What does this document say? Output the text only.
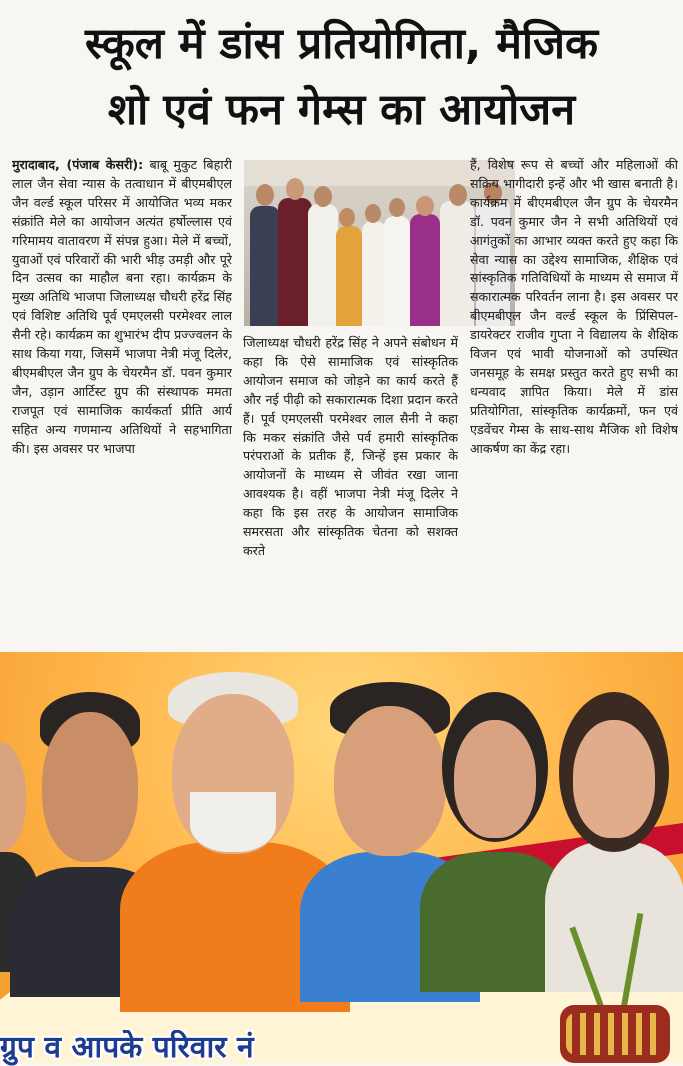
स्कूल में डांस प्रतियोगिता, मैजिक
शो एवं फन गेम्स का आयोजन

मुरादाबाद, (पंजाब केसरी): बाबू मुकुट बिहारी लाल जैन सेवा न्यास के तत्वाधान में बीएमबीएल जैन वर्ल्ड स्कूल परिसर में आयोजित भव्य मकर संक्रांति मेले का आयोजन अत्यंत हर्षोल्लास एवं गरिमामय वातावरण में संपन्न हुआ। मेले में बच्चों, युवाओं एवं परिवारों की भारी भीड़ उमड़ी और पूरे दिन उत्सव का माहौल बना रहा। कार्यक्रम के मुख्य अतिथि भाजपा जिलाध्यक्ष चौधरी हरेंद्र सिंह एवं विशिष्ट अतिथि पूर्व एमएलसी परमेश्वर लाल सैनी रहे। कार्यक्रम का शुभारंभ दीप प्रज्ज्वलन के साथ किया गया, जिसमें भाजपा नेत्री मंजू दिलेर, बीएमबीएल जैन ग्रुप के चेयरमैन डॉ. पवन कुमार जैन, उड़ान आर्टिस्ट ग्रुप की संस्थापक ममता राजपूत एवं सामाजिक कार्यकर्ता प्रीति आर्य सहित अन्य गणमान्य अतिथियों ने सहभागिता की। इस अवसर पर भाजपा

जिलाध्यक्ष चौधरी हरेंद्र सिंह ने अपने संबोधन में कहा कि ऐसे सामाजिक एवं सांस्कृतिक आयोजन समाज को जोड़ने का कार्य करते हैं और नई पीढ़ी को सकारात्मक दिशा प्रदान करते हैं। पूर्व एमएलसी परमेश्वर लाल सैनी ने कहा कि मकर संक्रांति जैसे पर्व हमारी सांस्कृतिक परंपराओं के प्रतीक हैं, जिन्हें इस प्रकार के आयोजनों के माध्यम से जीवंत रखा जाना आवश्यक है। वहीं भाजपा नेत्री मंजू दिलेर ने कहा कि इस तरह के आयोजन सामाजिक समरसता और सांस्कृतिक चेतना को सशक्त करते

हैं, विशेष रूप से बच्चों और महिलाओं की सक्रिय भागीदारी इन्हें और भी खास बनाती है। कार्यक्रम में बीएमबीएल जैन ग्रुप के चेयरमैन डॉ. पवन कुमार जैन ने सभी अतिथियों एवं आगंतुकों का आभार व्यक्त करते हुए कहा कि सेवा न्यास का उद्देश्य सामाजिक, शैक्षिक एवं सांस्कृतिक गतिविधियों के माध्यम से समाज में सकारात्मक परिवर्तन लाना है। इस अवसर पर बीएमबीएल जैन वर्ल्ड स्कूल के प्रिंसिपल-डायरेक्टर राजीव गुप्ता ने विद्यालय के शैक्षिक विजन एवं भावी योजनाओं को उपस्थित जनसमूह के समक्ष प्रस्तुत करते हुए सभी का धन्यवाद ज्ञापित किया। मेले में डांस प्रतियोगिता, सांस्कृतिक कार्यक्रमों, फन एवं एडवेंचर गेम्स के साथ-साथ मैजिक शो विशेष आकर्षण का केंद्र रहा।

ग्रुप व आपके परिवार नं
